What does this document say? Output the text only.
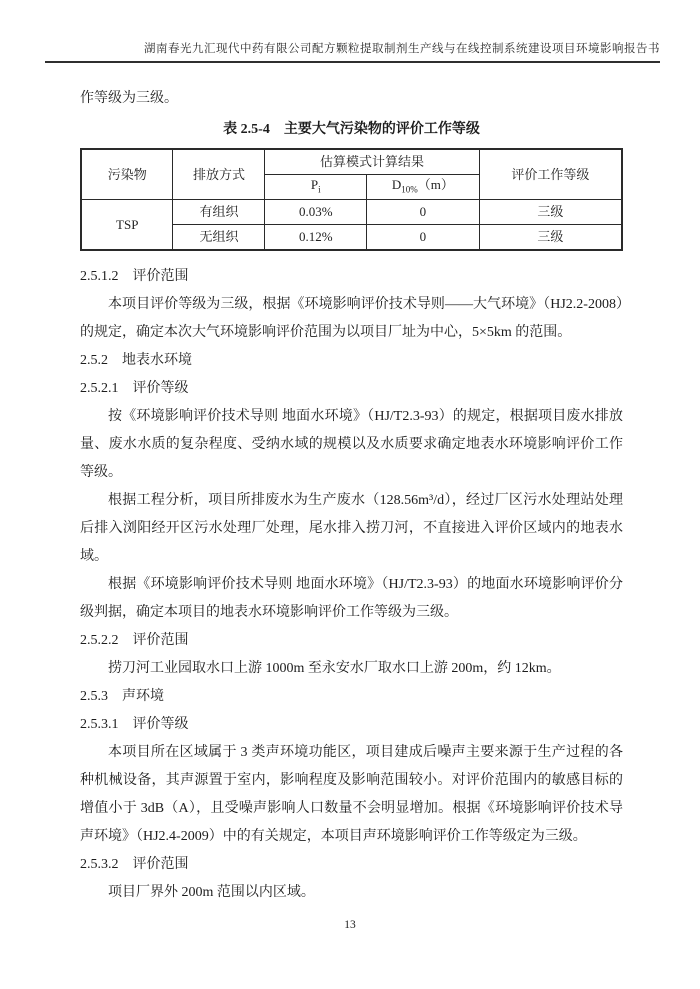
湖南春光九汇现代中药有限公司配方颗粒提取制剂生产线与在线控制系统建设项目环境影响报告书

作等级为三级。

表 2.5-4　主要大气污染物的评价工作等级

污染物	排放方式	估算模式计算结果		评价工作等级
		$P_i$	$D_{10\%}(m)$	
TSP	有组织	0.03%	0	三级
	无组织	0.12%	0	三级
2.5.1.2　评价范围

本项目评价等级为三级，根据《环境影响评价技术导则——大气环境》（HJ2.2-2008）的规定，确定本次大气环境影响评价范围为以项目厂址为中心，5×5km 的范围。

2.5.2　地表水环境
2.5.2.1　评价等级

按《环境影响评价技术导则 地面水环境》（HJ/T2.3-93）的规定，根据项目废水排放量、废水水质的复杂程度、受纳水域的规模以及水质要求确定地表水环境影响评价工作等级。

根据工程分析，项目所排废水为生产废水（128.56m³/d），经过厂区污水处理站处理后排入浏阳经开区污水处理厂处理，尾水排入捞刀河，不直接进入评价区域内的地表水域。

根据《环境影响评价技术导则 地面水环境》（HJ/T2.3-93）的地面水环境影响评价分级判据，确定本项目的地表水环境影响评价工作等级为三级。

2.5.2.2　评价范围

捞刀河工业园取水口上游 1000m 至永安水厂取水口上游 200m，约 12km。

2.5.3　声环境
2.5.3.1　评价等级

本项目所在区域属于 3 类声环境功能区，项目建成后噪声主要来源于生产过程的各种机械设备，其声源置于室内，影响程度及影响范围较小。对评价范围内的敏感目标的增值小于 3dB（A），且受噪声影响人口数量不会明显增加。根据《环境影响评价技术导声环境》（HJ2.4-2009）中的有关规定，本项目声环境影响评价工作等级定为三级。

2.5.3.2　评价范围

项目厂界外 200m 范围以内区域。

13
